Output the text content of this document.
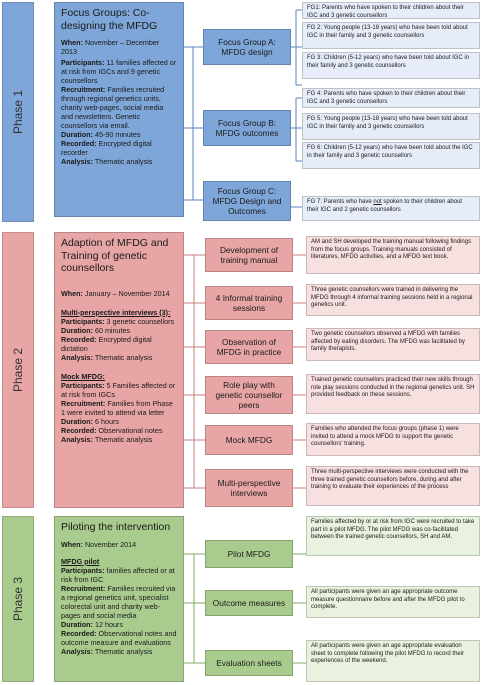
Phase 1
Focus Groups: Co-designing the MFDG

When: November – December 2013

Participants: 11 families affected or at risk from IGCs and 9 genetic counsellors

Recruitment: Families recruited through regional genetics units, charity web-pages, social media and newsletters. Genetic counsellors via email.

Duration: 45-90 minutes

Recorded: Encrypted digital recorder

Analysis: Thematic analysis

Focus Group A: MFDG design
Focus Group B: MFDG outcomes
Focus Group C: MFDG Design and Outcomes
FG1: Parents who have spoken to their children about their IGC and 3 genetic counsellors
FG 2: Young people (13-18 years) who have been told about IGC in their family and 3 genetic counsellors
FG 3: Children (5-12 years) who have been told about IGC in their family and 3 genetic counsellors
FG 4: Parents who have spoken to their children about their IGC and 3 genetic counsellors
FG 5: Young people (13-18 years) who have been told about IGC in their family and 3 genetic counsellors
FG 6: Children (5-12 years) who have been told about the IGC in their family and 3 genetic counsellors
FG 7: Parents who have not spoken to their children about their IGC and 2 genetic counsellors
Phase 2
Adaption of MFDG and Training of genetic counsellors

When: January – November 2014

Multi-perspective interviews (3):

Participants: 3 genetic counsellors

Duration: 60 minutes

Recorded: Encrypted digital dictation

Analysis: Thematic analysis

Mock MFDG:

Participants: 5 Families affected or at risk from IGCs

Recruitment: Families from Phase 1 were invited to attend via letter

Duration: 6 hours

Recorded: Observational notes

Analysis: Thematic analysis

Development of training manual
4 Informal training sessions
Observation of MFDG in practice
Role play with genetic counsellor peers
Mock MFDG
Multi-perspective interviews
AM and SH developed the training manual following findings from the focus groups. Training manuals consisted of literatures, MFDG activities, and a MFDG text book.
Three genetic counsellors were trained in delivering the MFDG through 4 informal training sessions held in a regional genetics unit.
Two genetic counsellors observed a MFDG with families affected by eating disorders. The MFDG was facilitated by family therapists.
Trained genetic counsellors practiced their new skills through role play sessions conducted in the regional genetics unit. SH provided feedback on these sessions.
Families who attended the focus groups (phase 1) were invited to attend a mock MFDG to support the genetic counsellors' training.
Three multi-perspective interviews were conducted with the three trained genetic counsellors before, during and after training to evaluate their experiences of the process
Phase 3
Piloting the intervention

When: November 2014

MFDG pilot

Participants: families affected or at risk from IGC

Recruitment: Families recruited via a regional genetics unit, specialist colorectal unit and charity web-pages and social media

Duration: 12 hours

Recorded: Observational notes and outcome measure and evaluations

Analysis: Thematic analysis

Pilot MFDG
Outcome measures
Evaluation sheets
Families affected by or at risk from IGC were recruited to take part in a pilot MFDG. The pilot MFDG was co-facilitated between the trained genetic counsellors, SH and AM.
All participants were given an age appropriate outcome measure questionnaire before and after the MFDG pilot to complete.
All participants were given an age appropriate evaluation sheet to complete following the pilot MFDG to record their experiences of the weekend.
